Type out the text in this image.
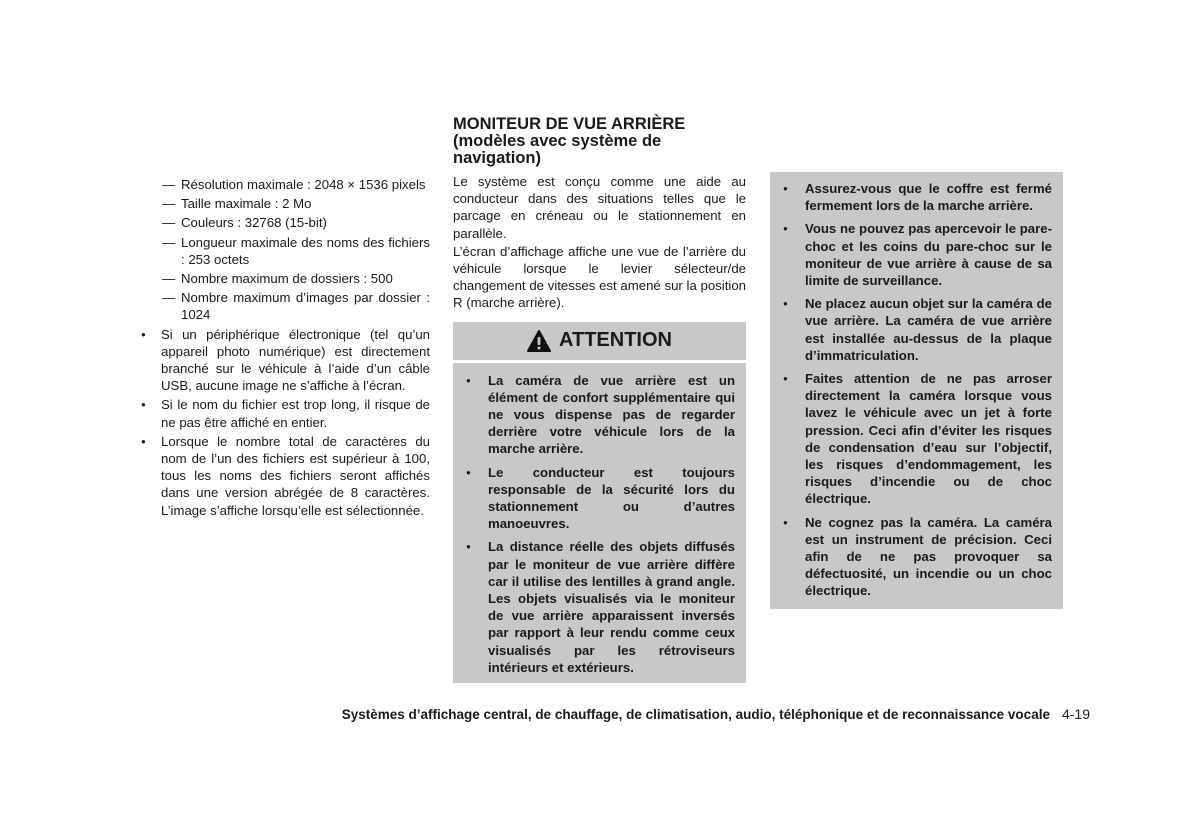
— Résolution maximale : 2048 × 1536 pixels
— Taille maximale : 2 Mo
— Couleurs : 32768 (15-bit)
— Longueur maximale des noms des fichiers : 253 octets
— Nombre maximum de dossiers : 500
— Nombre maximum d’images par dossier : 1024
● Si un périphérique électronique (tel qu’un appareil photo numérique) est directement branché sur le véhicule à l’aide d’un câble USB, aucune image ne s’affiche à l’écran.
● Si le nom du fichier est trop long, il risque de ne pas être affiché en entier.
● Lorsque le nombre total de caractères du nom de l’un des fichiers est supérieur à 100, tous les noms des fichiers seront affichés dans une version abrégée de 8 caractères. L’image s’affiche lorsqu’elle est sélectionnée.
MONITEUR DE VUE ARRIÈRE (modèles avec système de navigation)

Le système est conçu comme une aide au conducteur dans des situations telles que le parcage en créneau ou le stationnement en parallèle.

L’écran d’affichage affiche une vue de l’arrière du véhicule lorsque le levier sélecteur/de changement de vitesses est amené sur la position R (marche arrière).

ATTENTION
● La caméra de vue arrière est un élément de confort supplémentaire qui ne vous dispense pas de regarder derrière votre véhicule lors de la marche arrière.
● Le conducteur est toujours responsable de la sécurité lors du stationnement ou d’autres manoeuvres.
● La distance réelle des objets diffusés par le moniteur de vue arrière diffère car il utilise des lentilles à grand angle. Les objets visualisés via le moniteur de vue arrière apparaissent inversés par rapport à leur rendu comme ceux visualisés par les rétroviseurs intérieurs et extérieurs.
● Assurez-vous que le coffre est fermé fermement lors de la marche arrière.
● Vous ne pouvez pas apercevoir le pare-choc et les coins du pare-choc sur le moniteur de vue arrière à cause de sa limite de surveillance.
● Ne placez aucun objet sur la caméra de vue arrière. La caméra de vue arrière est installée au-dessus de la plaque d’immatriculation.
● Faites attention de ne pas arroser directement la caméra lorsque vous lavez le véhicule avec un jet à forte pression. Ceci afin d’éviter les risques de condensation d’eau sur l’objectif, les risques d’endommagement, les risques d’incendie ou de choc électrique.
● Ne cognez pas la caméra. La caméra est un instrument de précision. Ceci afin de ne pas provoquer sa défectuosité, un incendie ou un choc électrique.
Systèmes d’affichage central, de chauffage, de climatisation, audio, téléphonique et de reconnaissance vocale 4-19
